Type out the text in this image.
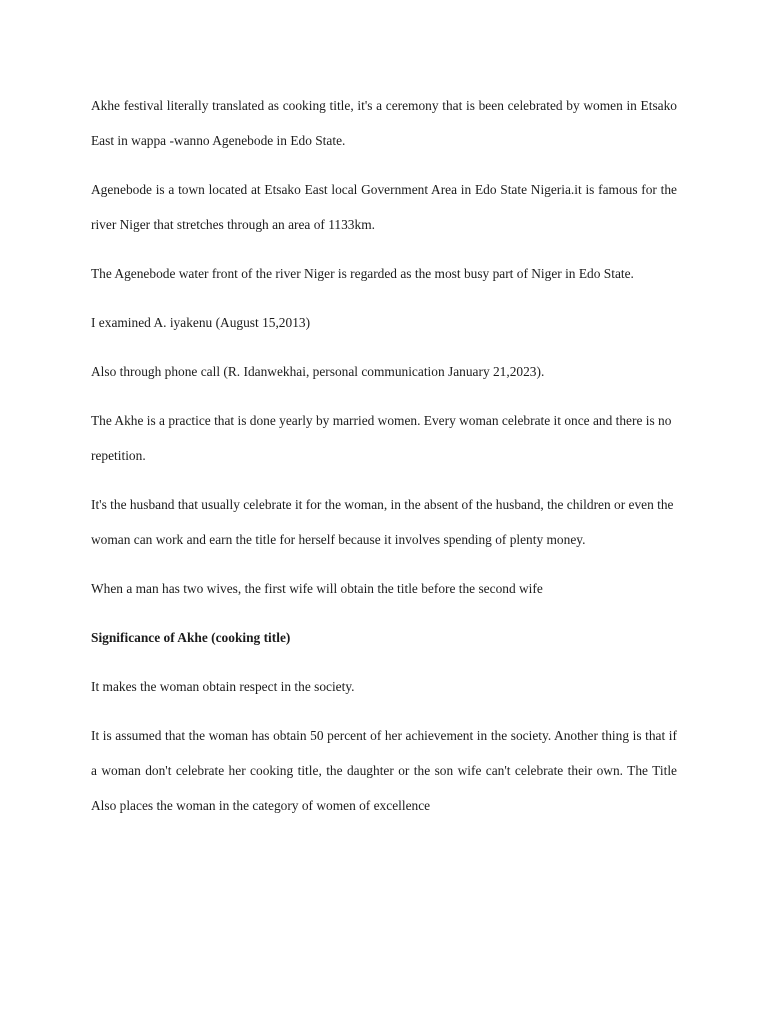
Akhe festival literally translated as cooking title, it's a ceremony that is been celebrated by women in Etsako East in wappa -wanno Agenebode in Edo State.

Agenebode is a town located at Etsako East local Government Area in Edo State Nigeria.it is famous for the river Niger that stretches through an area of 1133km.

The Agenebode water front of the river Niger is regarded as the most busy part of Niger in Edo State.

I examined A. iyakenu (August 15,2013)

Also through phone call (R. Idanwekhai, personal communication January 21,2023).

The Akhe is a practice that is done yearly by married women. Every woman celebrate it once and there is no repetition.

It's the husband that usually celebrate it for the woman, in the absent of the husband, the children or even the woman can work and earn the title for herself because it involves spending of plenty money.

When a man has two wives, the first wife will obtain the title before the second wife

Significance of Akhe (cooking title)

It makes the woman obtain respect in the society.

It is assumed that the woman has obtain 50 percent of her achievement in the society. Another thing is that if a woman don't celebrate her cooking title, the daughter or the son wife can't celebrate their own. The Title Also places the woman in the category of women of excellence
